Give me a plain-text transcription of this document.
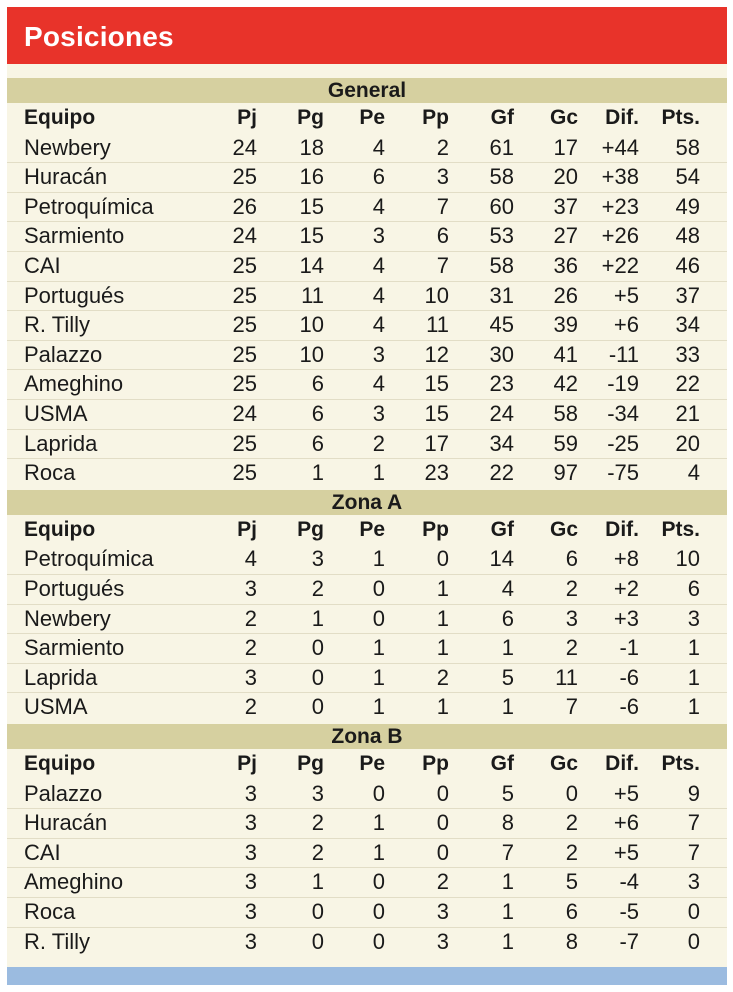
Posiciones
General
Equipo	Pj Pg Pe Pp Gf Gc Dif. Pts.
Newbery	24 18 4 2 61 17 +44 58
Huracán	25 16 6 3 58 20 +38 54
Petroquímica	26 15 4 7 60 37 +23 49
Sarmiento	24 15 3 6 53 27 +26 48
CAI	25 14 4 7 58 36 +22 46
Portugués	25 11 4 10 31 26 +5 37
R. Tilly	25 10 4 11 45 39 +6 34
Palazzo	25 10 3 12 30 41 -11 33
Ameghino	25 6 4 15 23 42 -19 22
USMA	24 6 3 15 24 58 -34 21
Laprida	25 6 2 17 34 59 -25 20
Roca	25 1 1 23 22 97 -75 4
Zona A
Equipo	Pj Pg Pe Pp Gf Gc Dif. Pts.
Petroquímica	4 3 1 0 14 6 +8 10
Portugués	3 2 0 1 4 2 +2 6
Newbery	2 1 0 1 6 3 +3 3
Sarmiento	2 0 1 1 1 2 -1 1
Laprida	3 0 1 2 5 11 -6 1
USMA	2 0 1 1 1 7 -6 1
Zona B
Equipo	Pj Pg Pe Pp Gf Gc Dif. Pts.
Palazzo	3 3 0 0 5 0 +5 9
Huracán	3 2 1 0 8 2 +6 7
CAI	3 2 1 0 7 2 +5 7
Ameghino	3 1 0 2 1 5 -4 3
Roca	3 0 0 3 1 6 -5 0
R. Tilly	3 0 0 3 1 8 -7 0
